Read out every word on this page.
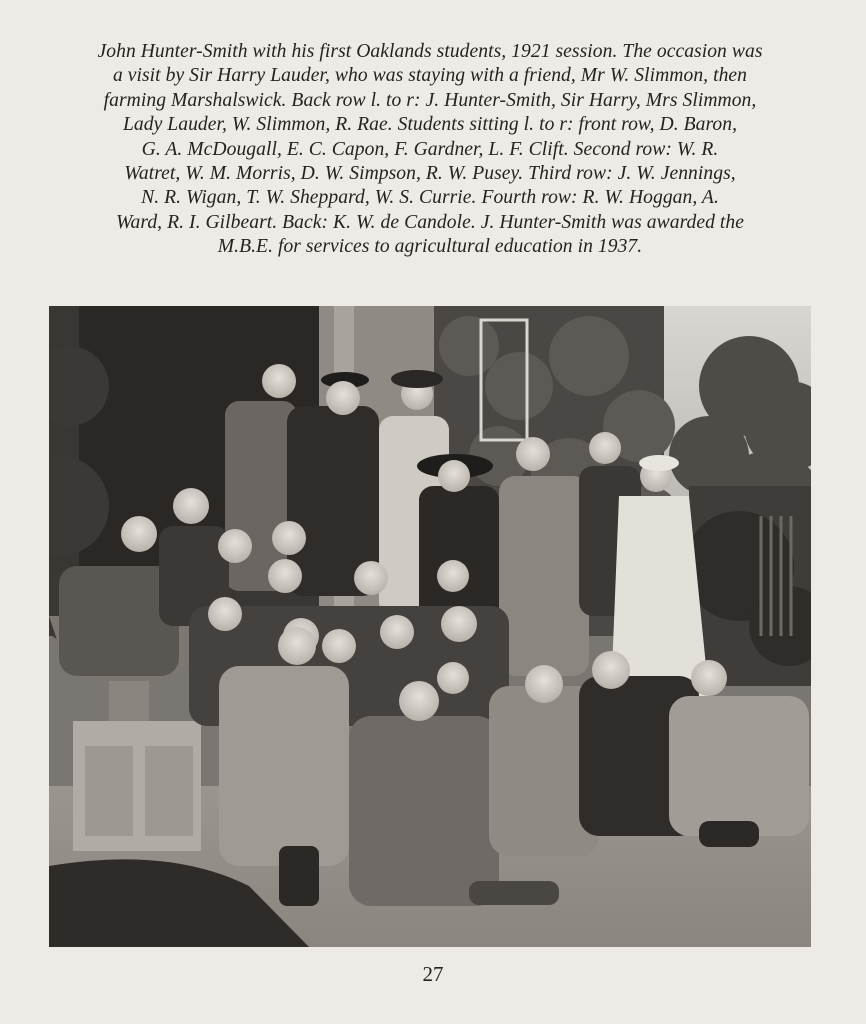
John Hunter-Smith with his first Oaklands students, 1921 session. The occasion was
a visit by Sir Harry Lauder, who was staying with a friend, Mr W. Slimmon, then
farming Marshalswick. Back row l. to r: J. Hunter-Smith, Sir Harry, Mrs Slimmon,
Lady Lauder, W. Slimmon, R. Rae. Students sitting l. to r: front row, D. Baron,
G. A. McDougall, E. C. Capon, F. Gardner, L. F. Clift. Second row: W. R.
Watret, W. M. Morris, D. W. Simpson, R. W. Pusey. Third row: J. W. Jennings,
N. R. Wigan, T. W. Sheppard, W. S. Currie. Fourth row: R. W. Hoggan, A.
Ward, R. I. Gilbeart. Back: K. W. de Candole. J. Hunter-Smith was awarded the
M.B.E. for services to agricultural education in 1937.
27
